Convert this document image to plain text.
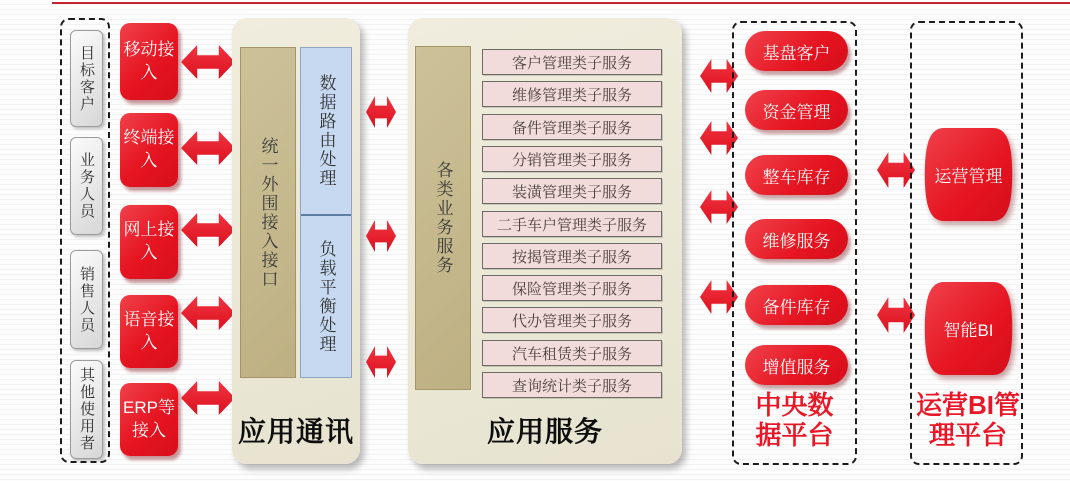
目标客户
业务人员
销售人员
其他使用者
移动接入
终端接入
网上接入
语音接入
ERP等接入
统一外围接入接口
数据路由处理
负载平衡处理
应用通讯
各类业务服务
客户管理类子服务
维修管理类子服务
备件管理类子服务
分销管理类子服务
装潢管理类子服务
二手车户管理类子服务
按揭管理类子服务
保险管理类子服务
代办管理类子服务
汽车租赁类子服务
查询统计类子服务
应用服务
基盘客户
资金管理
整车库存
维修服务
备件库存
增值服务
中央数据平台
运营管理
智能BI
运营BI管理平台
